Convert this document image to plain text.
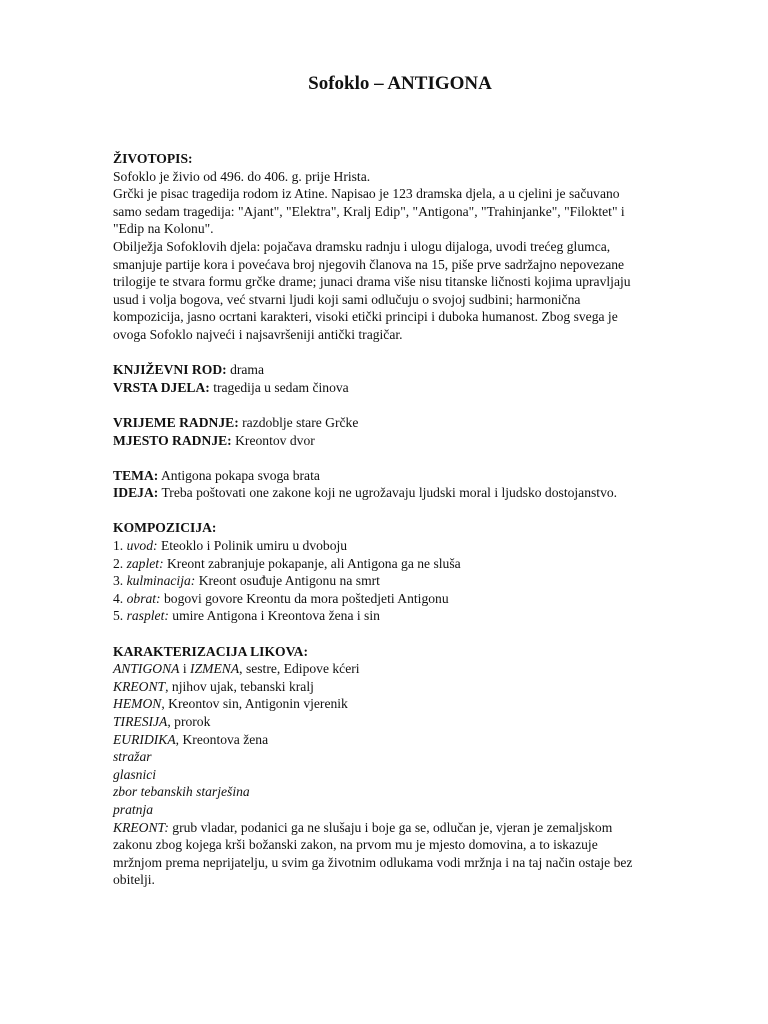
Sofoklo – ANTIGONA
ŽIVOTOPIS:
Sofoklo je živio od 496. do 406. g. prije Hrista.
Grčki je pisac tragedija rodom iz Atine. Napisao je 123 dramska djela, a u cjelini je sačuvano
samo sedam tragedija: "Ajant", "Elektra", Kralj Edip", "Antigona", "Trahinjanke", "Filoktet" i
"Edip na Kolonu".
Obilježja Sofoklovih djela: pojačava dramsku radnju i ulogu dijaloga, uvodi trećeg glumca,
smanjuje partije kora i povećava broj njegovih članova na 15, piše prve sadržajno nepovezane
trilogije te stvara formu grčke drame; junaci drama više nisu titanske ličnosti kojima upravljaju
usud i volja bogova, već stvarni ljudi koji sami odlučuju o svojoj sudbini; harmonična
kompozicija, jasno ocrtani karakteri, visoki etički principi i duboka humanost. Zbog svega je
ovoga Sofoklo najveći i najsavršeniji antički tragičar.
KNJIŽEVNI ROD: drama
VRSTA DJELA: tragedija u sedam činova
VRIJEME RADNJE: razdoblje stare Grčke
MJESTO RADNJE: Kreontov dvor
TEMA: Antigona pokapa svoga brata
IDEJA: Treba poštovati one zakone koji ne ugrožavaju ljudski moral i ljudsko dostojanstvo.
KOMPOZICIJA:
1. uvod: Eteoklo i Polinik umiru u dvoboju
2. zaplet: Kreont zabranjuje pokapanje, ali Antigona ga ne sluša
3. kulminacija: Kreont osuđuje Antigonu na smrt
4. obrat: bogovi govore Kreontu da mora poštedjeti Antigonu
5. rasplet: umire Antigona i Kreontova žena i sin
KARAKTERIZACIJA LIKOVA:
ANTIGONA i IZMENA, sestre, Edipove kćeri
KREONT, njihov ujak, tebanski kralj
HEMON, Kreontov sin, Antigonin vjerenik
TIRESIJA, prorok
EURIDIKA, Kreontova žena
stražar
glasnici
zbor tebanskih starješina
pratnja
KREONT: grub vladar, podanici ga ne slušaju i boje ga se, odlučan je, vjeran je zemaljskom
zakonu zbog kojega krši božanski zakon, na prvom mu je mjesto domovina, a to iskazuje
mržnjom prema neprijatelju, u svim ga životnim odlukama vodi mržnja i na taj način ostaje bez
obitelji.
